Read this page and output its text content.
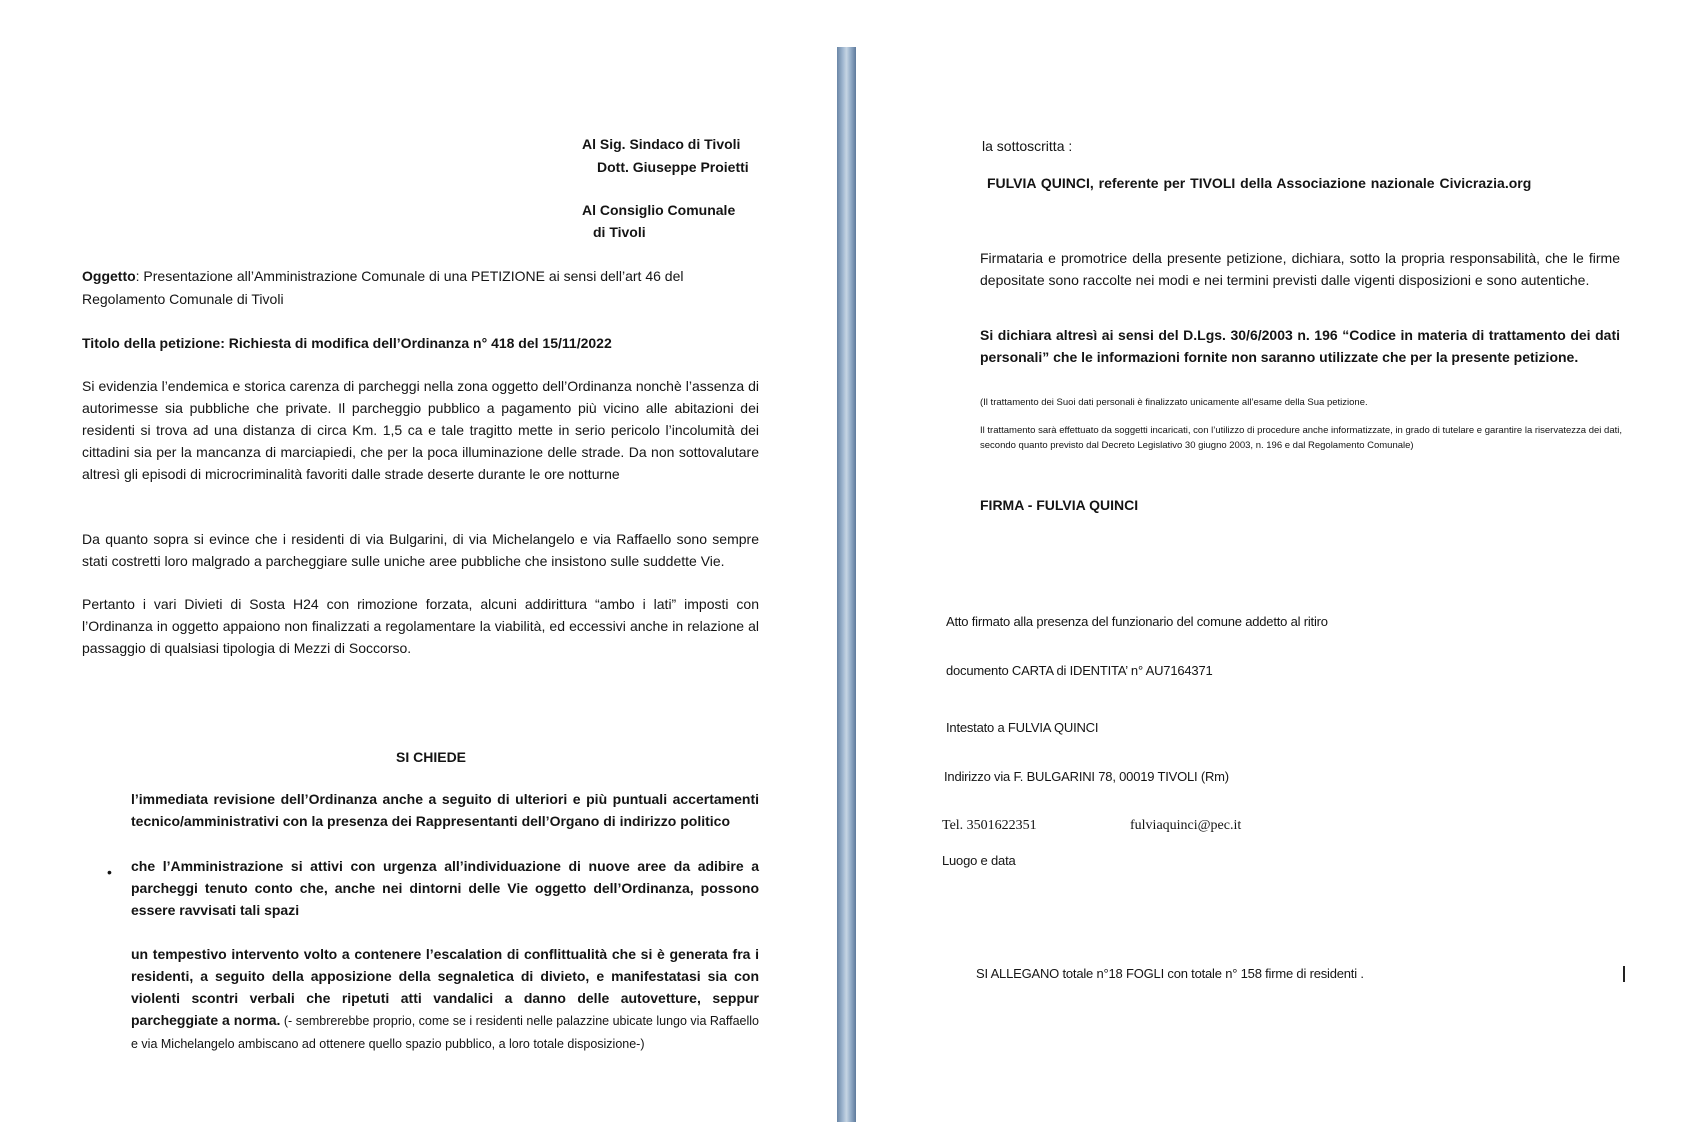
Al Sig. Sindaco di Tivoli

Dott. Giuseppe Proietti

Al Consiglio Comunale

di Tivoli

Oggetto: Presentazione all’Amministrazione Comunale di una PETIZIONE ai sensi dell’art 46 del

Regolamento Comunale di Tivoli

Titolo della petizione: Richiesta di modifica dell’Ordinanza n° 418 del 15/11/2022

Si evidenzia l’endemica e storica carenza di parcheggi nella zona oggetto dell’Ordinanza nonchè l’assenza di autorimesse sia pubbliche che private. Il parcheggio pubblico a pagamento più vicino alle abitazioni dei residenti si trova ad una distanza di circa Km. 1,5 ca e tale tragitto mette in serio pericolo l’incolumità dei cittadini sia per la mancanza di marciapiedi, che per la poca illuminazione delle strade. Da non sottovalutare altresì gli episodi di microcriminalità favoriti dalle strade deserte durante le ore notturne

Da quanto sopra si evince che i residenti di via Bulgarini, di via Michelangelo e via Raffaello sono sempre stati costretti loro malgrado a parcheggiare sulle uniche aree pubbliche che insistono sulle suddette Vie.

Pertanto i vari Divieti di Sosta H24 con rimozione forzata, alcuni addirittura “ambo i lati” imposti con l’Ordinanza in oggetto appaiono non finalizzati a regolamentare la viabilità, ed eccessivi anche in relazione al passaggio di qualsiasi tipologia di Mezzi di Soccorso.

SI CHIEDE

l’immediata revisione dell’Ordinanza anche a seguito di ulteriori e più puntuali accertamenti tecnico/amministrativi con la presenza dei Rappresentanti dell’Organo di indirizzo politico

• che l’Amministrazione si attivi con urgenza all’individuazione di nuove aree da adibire a parcheggi tenuto conto che, anche nei dintorni delle Vie oggetto dell’Ordinanza, possono essere ravvisati tali spazi

un tempestivo intervento volto a contenere l’escalation di conflittualità che si è generata fra i residenti, a seguito della apposizione della segnaletica di divieto, e manifestatasi sia con violenti scontri verbali che ripetuti atti vandalici a danno delle autovetture, seppur parcheggiate a norma. (- sembrerebbe proprio, come se i residenti nelle palazzine ubicate lungo via Raffaello e via Michelangelo ambiscano ad ottenere quello spazio pubblico, a loro totale disposizione-)

la sottoscritta :

FULVIA QUINCI, referente per TIVOLI della Associazione nazionale Civicrazia.org

Firmataria e promotrice della presente petizione, dichiara, sotto la propria responsabilità, che le firme depositate sono raccolte nei modi e nei termini previsti dalle vigenti disposizioni e sono autentiche.

Si dichiara altresì ai sensi del D.Lgs. 30/6/2003 n. 196 “Codice in materia di trattamento dei dati personali” che le informazioni fornite non saranno utilizzate che per la presente petizione.

(Il trattamento dei Suoi dati personali è finalizzato unicamente all’esame della Sua petizione.

Il trattamento sarà effettuato da soggetti incaricati, con l’utilizzo di procedure anche informatizzate, in grado di tutelare e garantire la riservatezza dei dati, secondo quanto previsto dal Decreto Legislativo 30 giugno 2003, n. 196 e dal Regolamento Comunale)

FIRMA - FULVIA QUINCI

Atto firmato alla presenza del funzionario del comune addetto al ritiro

documento CARTA di IDENTITA’ n° AU7164371

Intestato a FULVIA QUINCI

Indirizzo via F. BULGARINI 78, 00019 TIVOLI (Rm)

Tel. 3501622351	fulviaquinci@pec.it

Luogo e data

SI ALLEGANO totale n°18 FOGLI con totale n° 158 firme di residenti .
